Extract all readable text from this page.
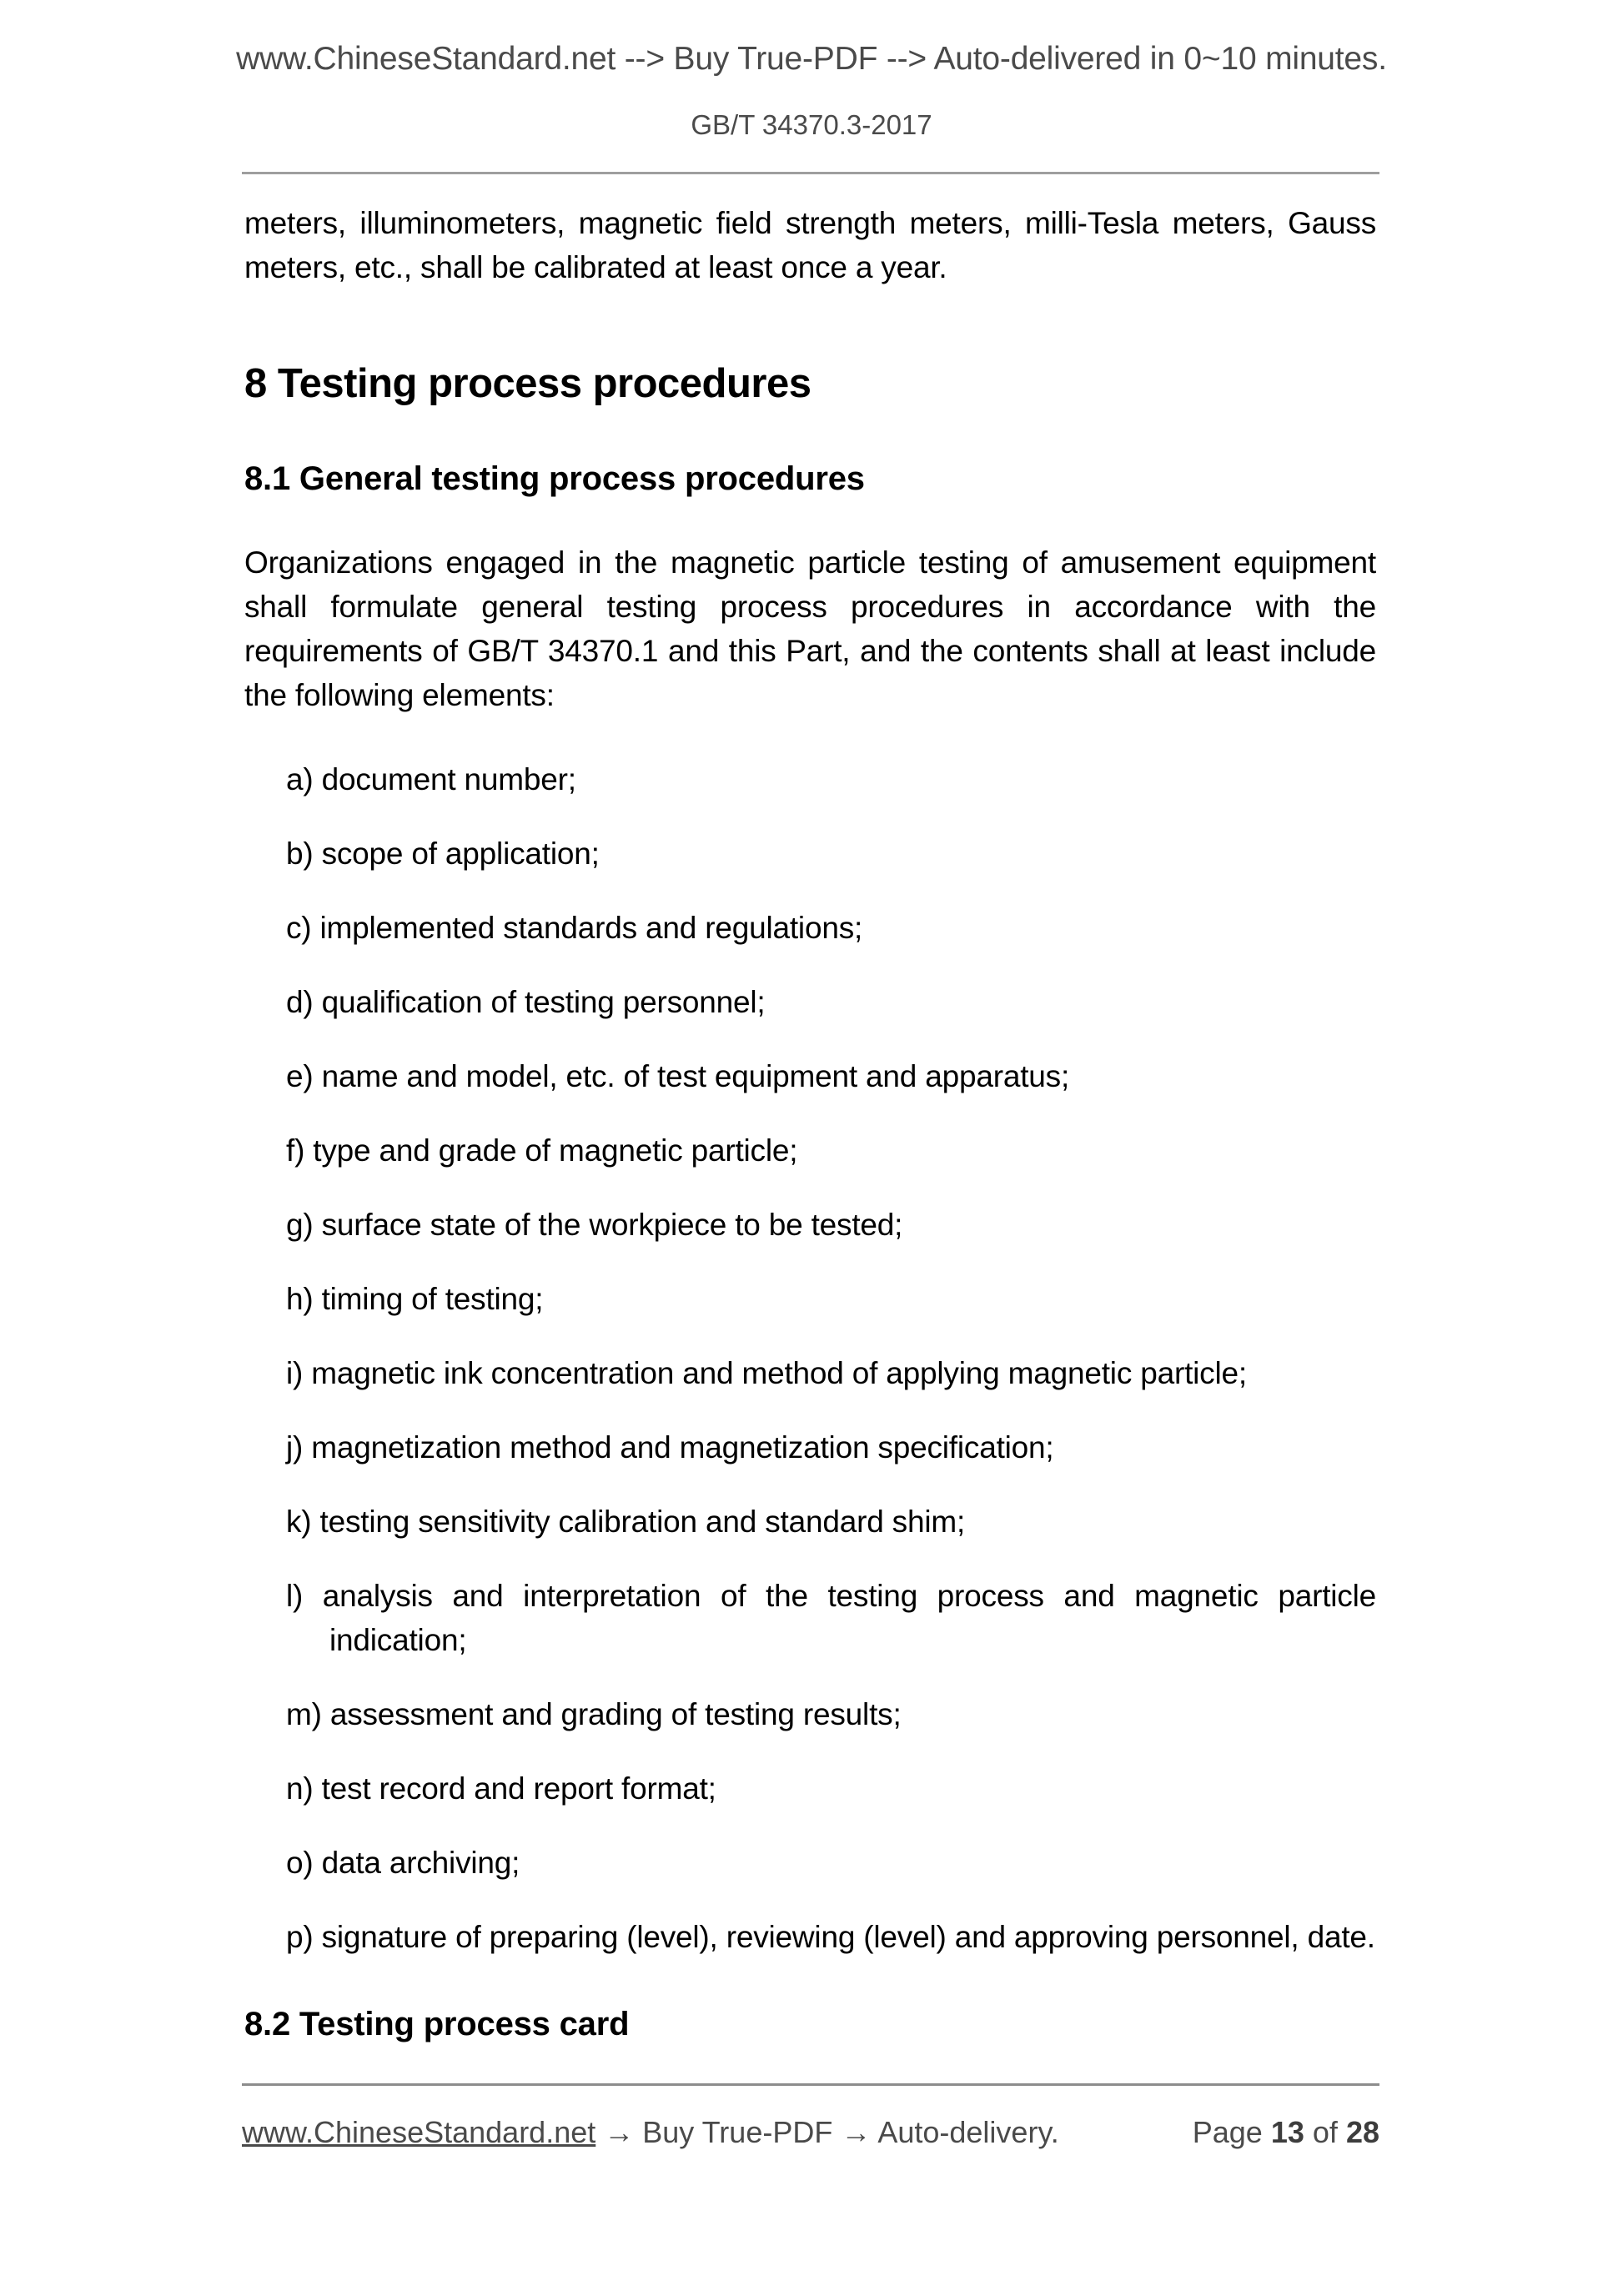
www.ChineseStandard.net --> Buy True-PDF --> Auto-delivered in 0~10 minutes.
GB/T 34370.3-2017

meters, illuminometers, magnetic field strength meters, milli-Tesla meters, Gauss meters, etc., shall be calibrated at least once a year.

8 Testing process procedures
8.1 General testing process procedures

Organizations engaged in the magnetic particle testing of amusement equipment shall formulate general testing process procedures in accordance with the requirements of GB/T 34370.1 and this Part, and the contents shall at least include the following elements:

a) document number;
b) scope of application;
c) implemented standards and regulations;
d) qualification of testing personnel;
e) name and model, etc. of test equipment and apparatus;
f) type and grade of magnetic particle;
g) surface state of the workpiece to be tested;
h) timing of testing;
i) magnetic ink concentration and method of applying magnetic particle;
j) magnetization method and magnetization specification;
k) testing sensitivity calibration and standard shim;
l) analysis and interpretation of the testing process and magnetic particle indication;
m) assessment and grading of testing results;
n) test record and report format;
o) data archiving;
p) signature of preparing (level), reviewing (level) and approving personnel, date.
8.2 Testing process card
www.ChineseStandard.net → Buy True-PDF → Auto-delivery.	Page 13 of 28
